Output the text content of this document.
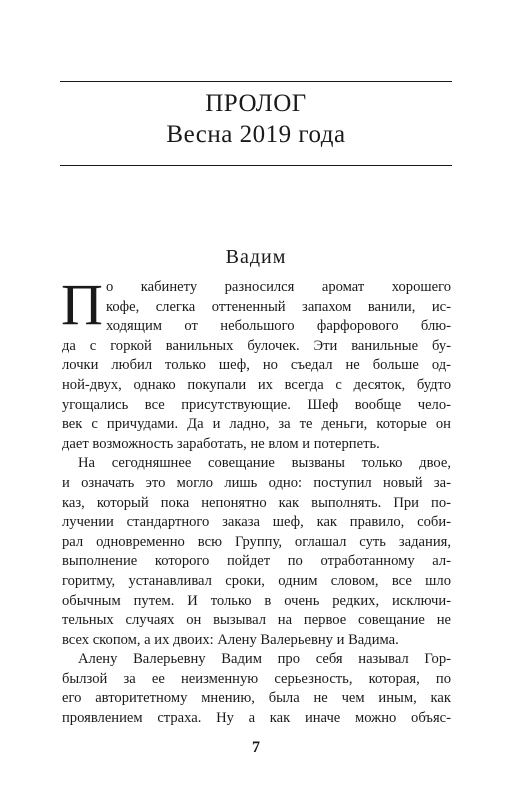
ПРОЛОГ
Весна 2019 года
Вадим
П о кабинету разносился аромат хорошего
кофе, слегка оттененный запахом ванили, ис-
ходящим от небольшого фарфорового блю-
да с горкой ванильных булочек. Эти ванильные бу-
лочки любил только шеф, но съедал не больше од-
ной-двух, однако покупали их всегда с десяток, будто
угощались все присутствующие. Шеф вообще чело-
век с причудами. Да и ладно, за те деньги, которые он
дает возможность заработать, не влом и потерпеть.
На сегодняшнее совещание вызваны только двое,
и означать это могло лишь одно: поступил новый за-
каз, который пока непонятно как выполнять. При по-
лучении стандартного заказа шеф, как правило, соби-
рал одновременно всю Группу, оглашал суть задания,
выполнение которого пойдет по отработанному ал-
горитму, устанавливал сроки, одним словом, все шло
обычным путем. И только в очень редких, исключи-
тельных случаях он вызывал на первое совещание не
всех скопом, а их двоих: Алену Валерьевну и Вадима.
Алену Валерьевну Вадим про себя называл Гор-
былзой за ее неизменную серьезность, которая, по
его авторитетному мнению, была не чем иным, как
проявлением страха. Ну а как иначе можно объяс-
7
